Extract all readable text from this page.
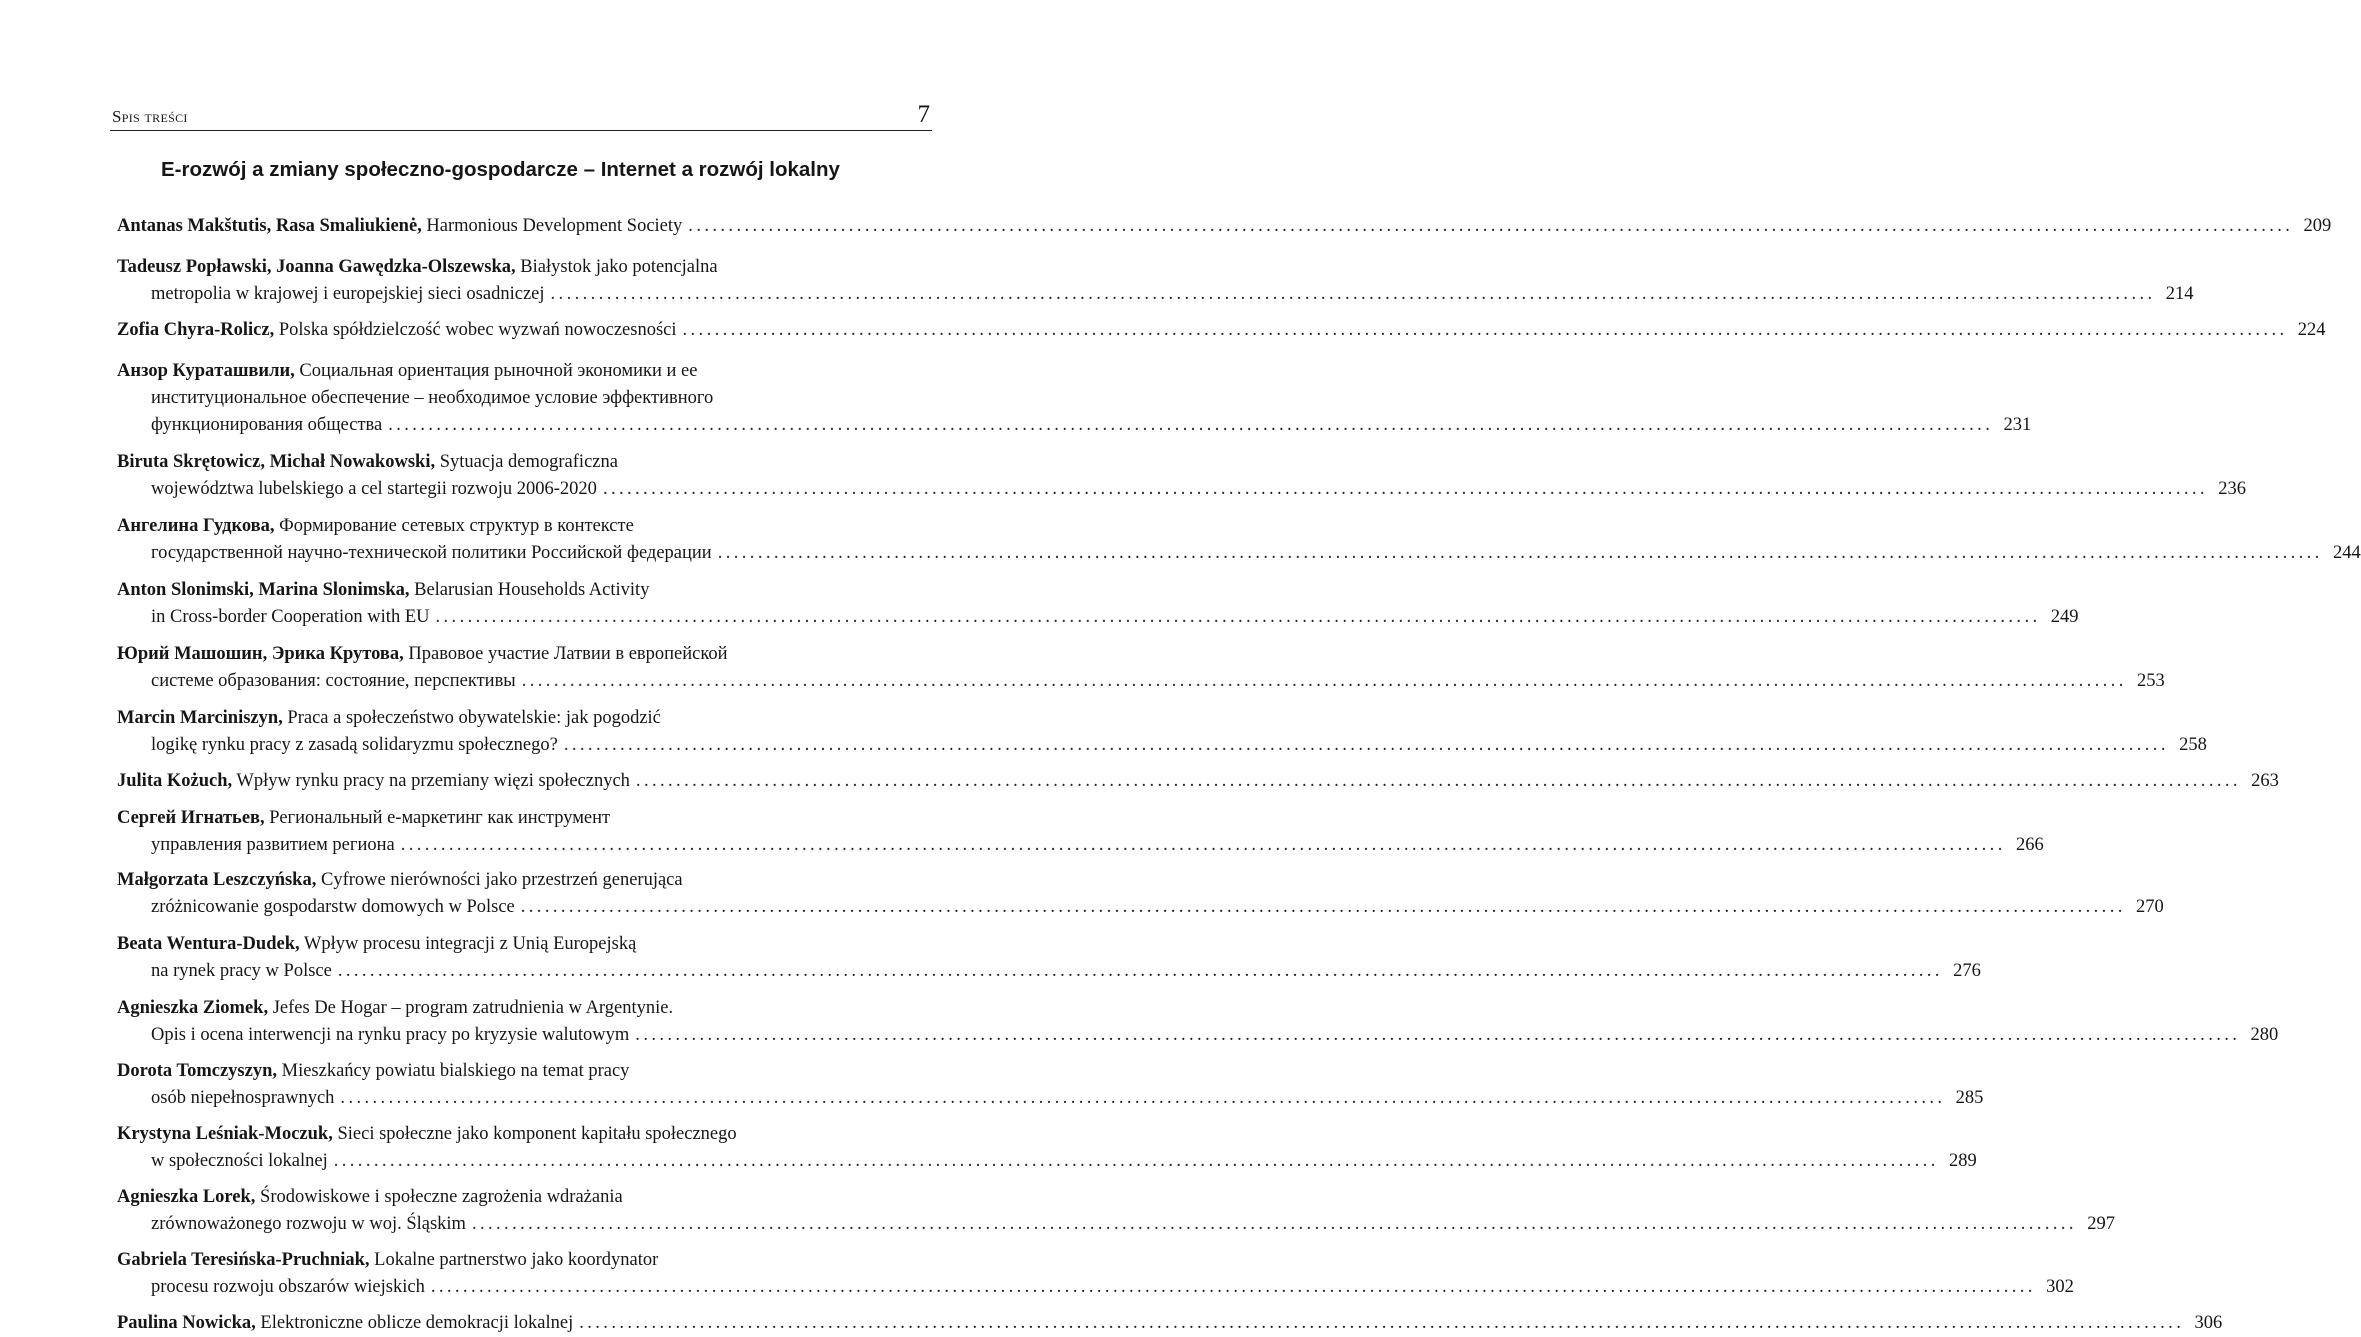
Spis treści	7
E-rozwój a zmiany społeczno-gospodarcze – Internet a rozwój lokalny
Antanas Makštutis, Rasa Smaliukienė, Harmonious Development Society ........................................................................................................................................................................................................ 209
Tadeusz Popławski, Joanna Gawędzka-Olszewska, Białystok jako potencjalna
metropolia w krajowej i europejskiej sieci osadniczej ........................................................................................................................................................................................................ 214
Zofia Chyra-Rolicz, Polska spółdzielczość wobec wyzwań nowoczesności ........................................................................................................................................................................................................ 224
Анзор Курaташвили, Социальная ориентация рыночной экономики и ее
институциональное обеспечение – необходимое условие эффективного
функционирования общества ........................................................................................................................................................................................................ 231
Biruta Skrętowicz, Michał Nowakowski, Sytuacja demograficzna
województwa lubelskiego a cel startegii rozwoju 2006-2020 ........................................................................................................................................................................................................ 236
Ангелина Гудкова, Формирование сетевых структур в контексте
государственной научно-технической политики Российской федерации ........................................................................................................................................................................................................ 244
Anton Slonimski, Marina Slonimska, Belarusian Households Activity
in Cross-border Cooperation with EU ........................................................................................................................................................................................................ 249
Юрий Машошин, Эрика Крутова, Правовое участие Латвии в европейской
системе образования: состояние, перспективы ........................................................................................................................................................................................................ 253
Marcin Marciniszyn, Praca a społeczeństwo obywatelskie: jak pogodzić
logikę rynku pracy z zasadą solidaryzmu społecznego? ........................................................................................................................................................................................................ 258
Julita Kożuch, Wpływ rynku pracy na przemiany więzi społecznych ........................................................................................................................................................................................................ 263
Сергей Игнатьев, Региональный е-маркетинг как инструмент
управления развитием региона ........................................................................................................................................................................................................ 266
Małgorzata Leszczyńska, Cyfrowe nierówności jako przestrzeń generująca
zróżnicowanie gospodarstw domowych w Polsce ........................................................................................................................................................................................................ 270
Beata Wentura-Dudek, Wpływ procesu integracji z Unią Europejską
na rynek pracy w Polsce ........................................................................................................................................................................................................ 276
Agnieszka Ziomek, Jefes De Hogar – program zatrudnienia w Argentynie.
Opis i ocena interwencji na rynku pracy po kryzysie walutowym ........................................................................................................................................................................................................ 280
Dorota Tomczyszyn, Mieszkańcy powiatu bialskiego na temat pracy
osób niepełnosprawnych ........................................................................................................................................................................................................ 285
Krystyna Leśniak-Moczuk, Sieci społeczne jako komponent kapitału społecznego
w społeczności lokalnej ........................................................................................................................................................................................................ 289
Agnieszka Lorek, Środowiskowe i społeczne zagrożenia wdrażania
zrównoważonego rozwoju w woj. Śląskim ........................................................................................................................................................................................................ 297
Gabriela Teresińska-Pruchniak, Lokalne partnerstwo jako koordynator
procesu rozwoju obszarów wiejskich ........................................................................................................................................................................................................ 302
Paulina Nowicka, Elektroniczne oblicze demokracji lokalnej ........................................................................................................................................................................................................ 306
